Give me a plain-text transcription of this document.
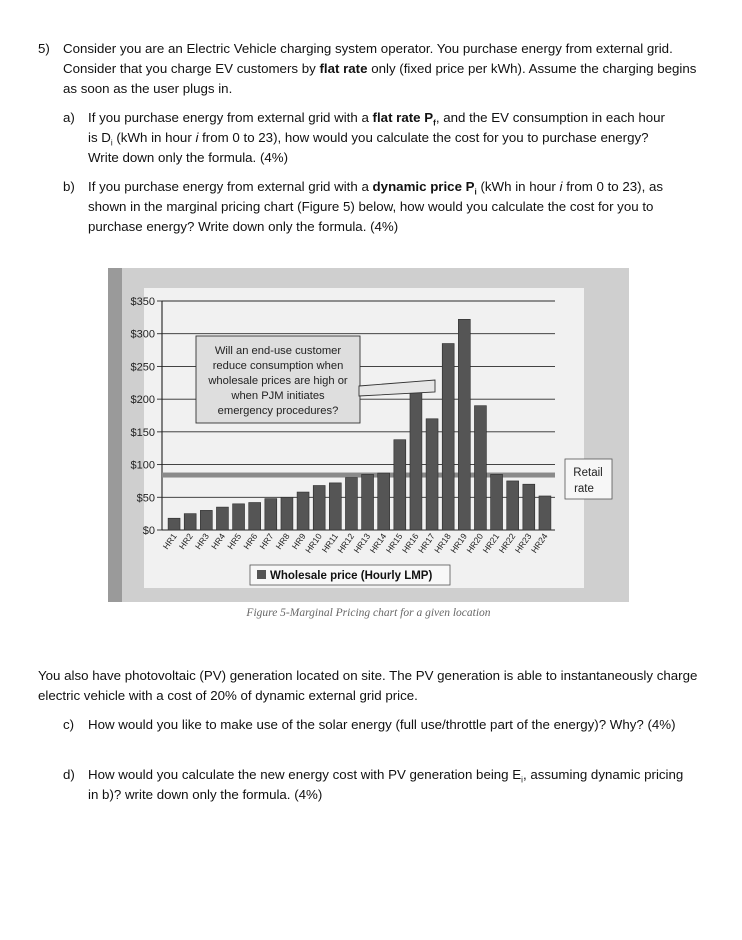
5) Consider you are an Electric Vehicle charging system operator. You purchase energy from external grid. Consider that you charge EV customers by flat rate only (fixed price per kWh). Assume the charging begins as soon as the user plugs in.
a) If you purchase energy from external grid with a flat rate $P_f$, and the EV consumption in each hour is $D_i$ (kWh in hour i from 0 to 23), how would you calculate the cost for you to purchase energy? Write down only the formula. (4%)
b) If you purchase energy from external grid with a dynamic price $P_i$ (kWh in hour i from 0 to 23), as shown in the marginal pricing chart (Figure 5) below, how would you calculate the cost for you to purchase energy? Write down only the formula. (4%)
$0
$50
$100
$150
$200
$250
$300
$350
HR1
HR2
HR3
HR4
HR5
HR6
HR7
HR8
HR9
HR10
HR11
HR12
HR13
HR14
HR15
HR16
HR17
HR18
HR19
HR20
HR21
HR22
HR23
HR24
Retail
rate
Will an end-use customer
reduce consumption when
wholesale prices are high or
when PJM initiates
emergency procedures?
Wholesale price (Hourly LMP)
Figure 5-Marginal Pricing chart for a given location
You also have photovoltaic (PV) generation located on site. The PV generation is able to instantaneously charge electric vehicle with a cost of 20% of dynamic external grid price.
c) How would you like to make use of the solar energy (full use/throttle part of the energy)? Why? (4%)
d) How would you calculate the new energy cost with PV generation being $E_i$, assuming dynamic pricing in b)? write down only the formula. (4%)
